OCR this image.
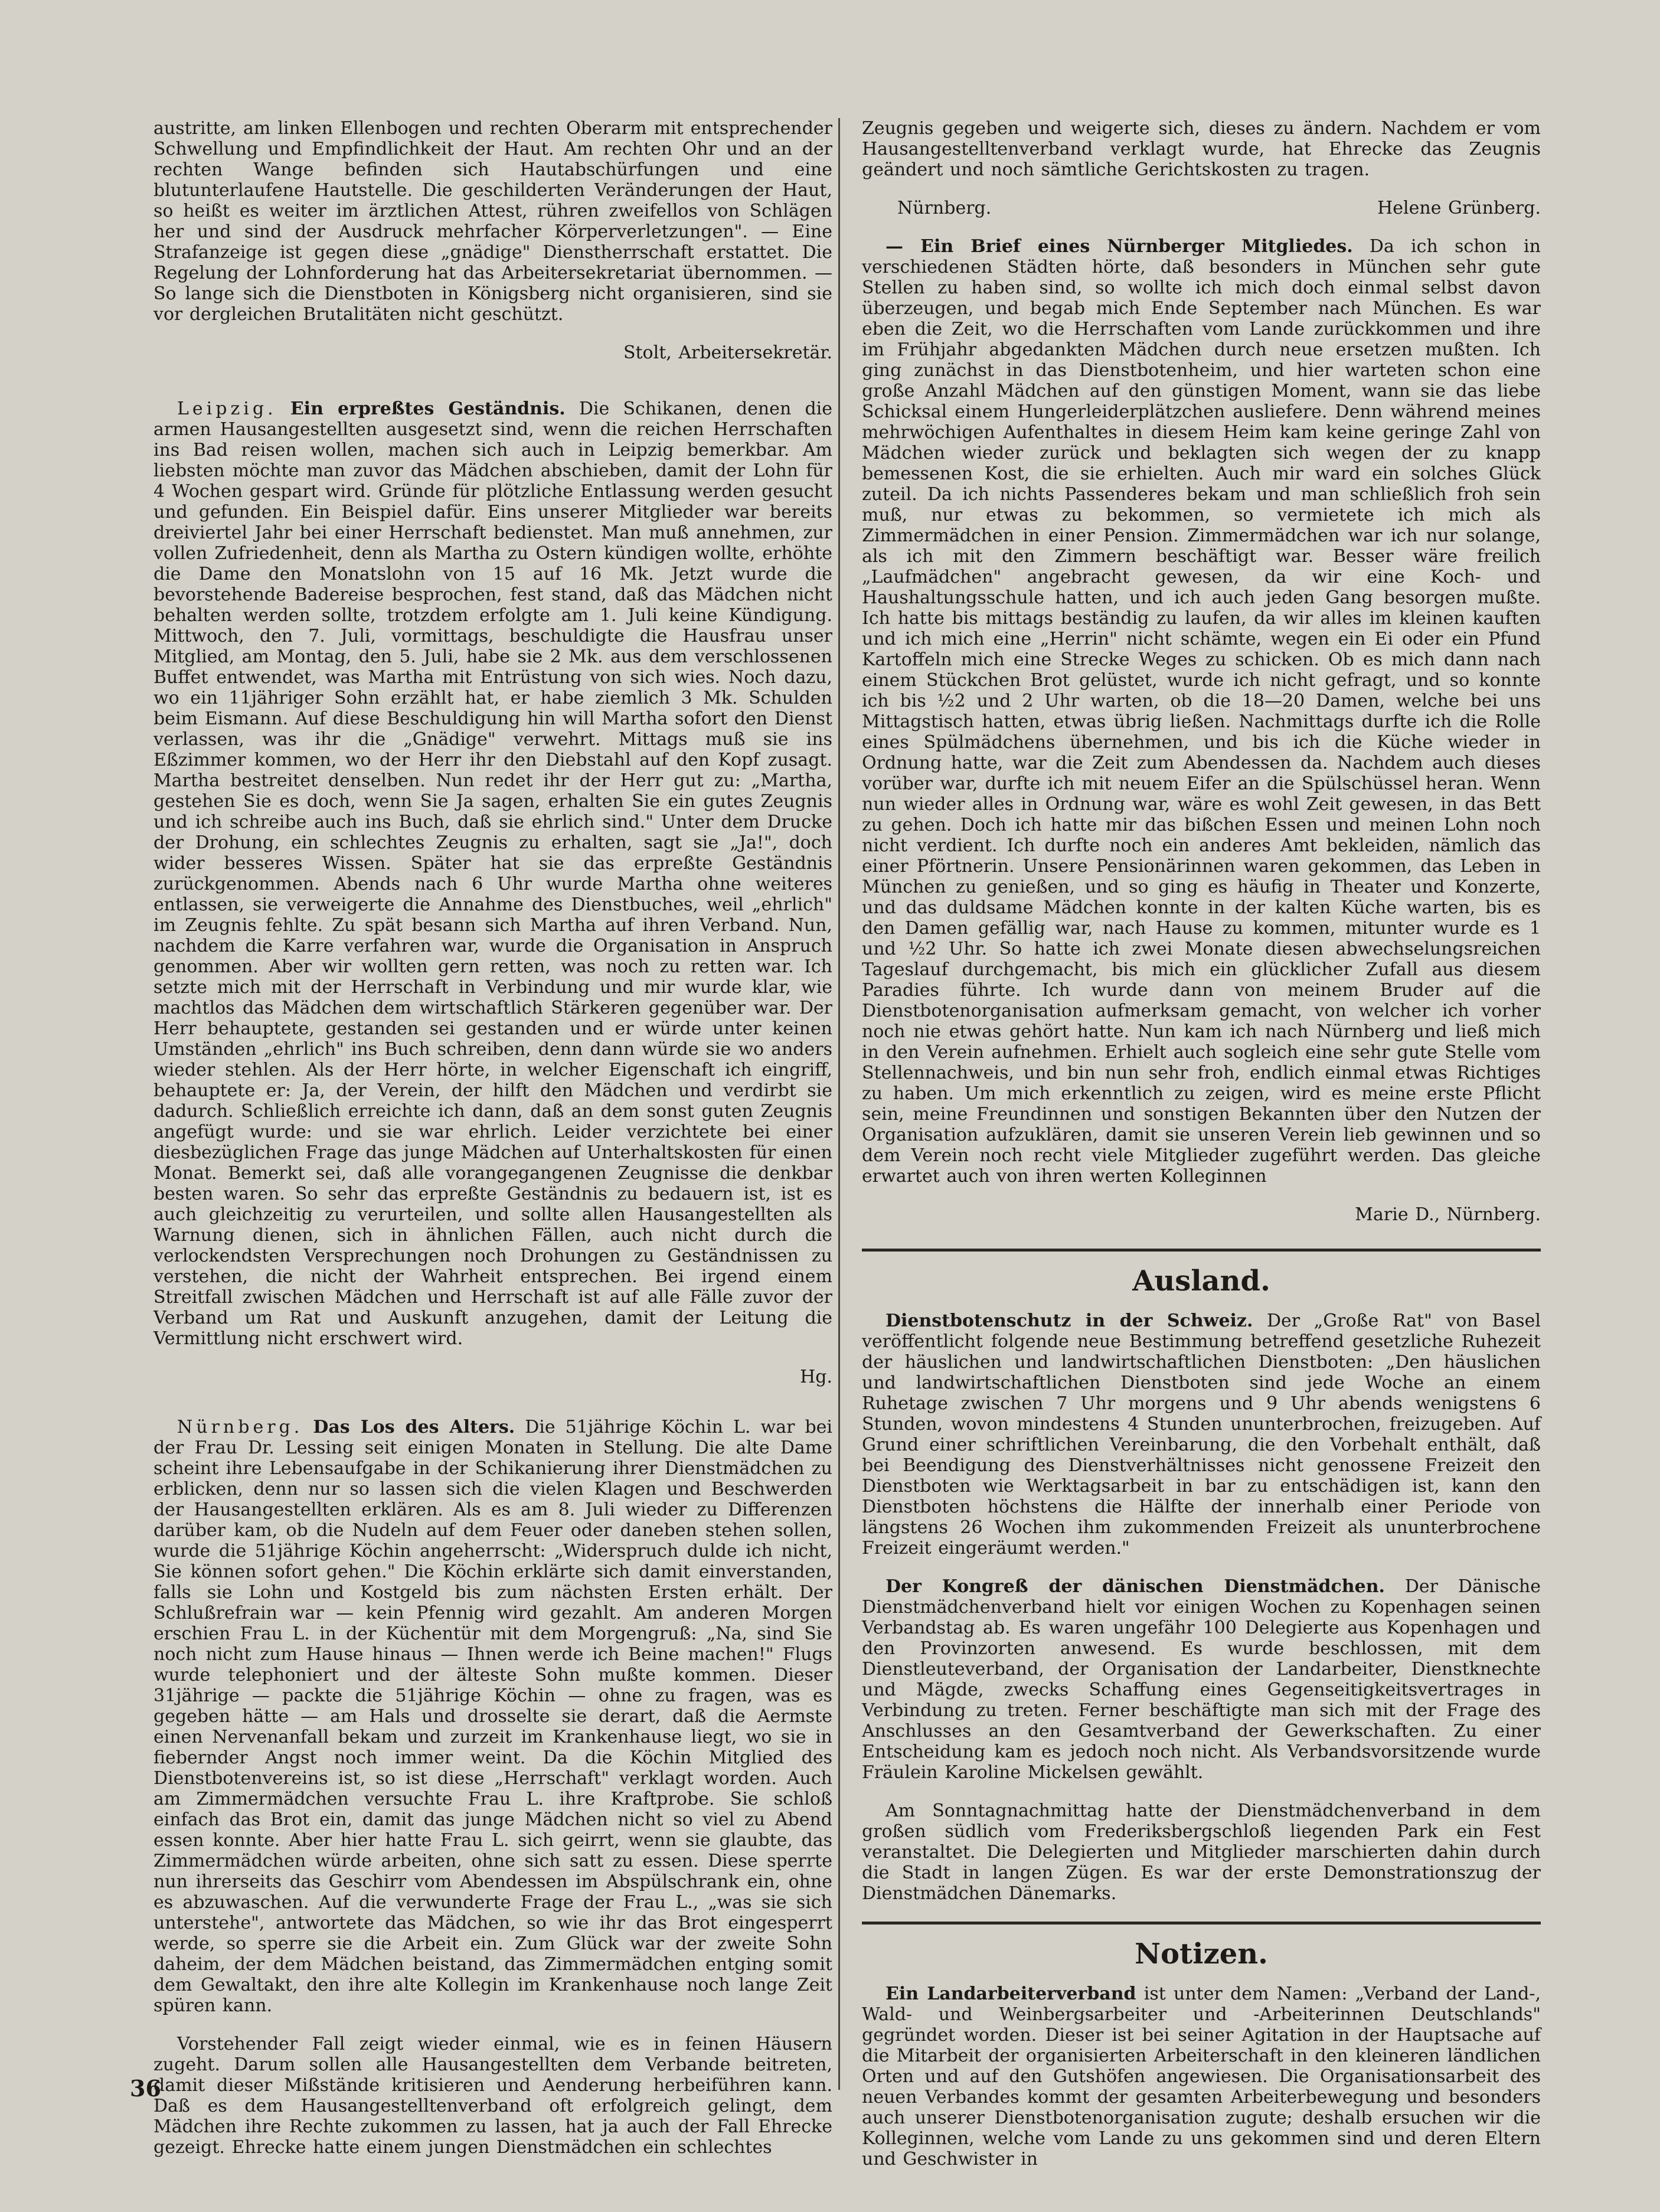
austritte, am linken Ellenbogen und rechten Oberarm mit entsprechender Schwellung und Empfindlichkeit der Haut. Am rechten Ohr und an der rechten Wange befinden sich Hautabschürfungen und eine blutunterlaufene Hautstelle. Die geschilderten Veränderungen der Haut, so heißt es weiter im ärztlichen Attest, rühren zweifellos von Schlägen her und sind der Ausdruck mehrfacher Körperverletzungen". — Eine Strafanzeige ist gegen diese „gnädige" Dienstherrschaft erstattet. Die Regelung der Lohnforderung hat das Arbeitersekretariat übernommen. — So lange sich die Dienstboten in Königsberg nicht organisieren, sind sie vor dergleichen Brutalitäten nicht geschützt.

Stolt, Arbeitersekretär.

Leipzig. Ein erpreßtes Geständnis. Die Schikanen, denen die armen Hausangestellten ausgesetzt sind, wenn die reichen Herrschaften ins Bad reisen wollen, machen sich auch in Leipzig bemerkbar. Am liebsten möchte man zuvor das Mädchen abschieben, damit der Lohn für 4 Wochen gespart wird. Gründe für plötzliche Entlassung werden gesucht und gefunden. Ein Beispiel dafür. Eins unserer Mitglieder war bereits dreiviertel Jahr bei einer Herrschaft bedienstet. Man muß annehmen, zur vollen Zufriedenheit, denn als Martha zu Ostern kündigen wollte, erhöhte die Dame den Monatslohn von 15 auf 16 Mk. Jetzt wurde die bevorstehende Badereise besprochen, fest stand, daß das Mädchen nicht behalten werden sollte, trotzdem erfolgte am 1. Juli keine Kündigung. Mittwoch, den 7. Juli, vormittags, beschuldigte die Hausfrau unser Mitglied, am Montag, den 5. Juli, habe sie 2 Mk. aus dem verschlossenen Buffet entwendet, was Martha mit Entrüstung von sich wies. Noch dazu, wo ein 11jähriger Sohn erzählt hat, er habe ziemlich 3 Mk. Schulden beim Eismann. Auf diese Beschuldigung hin will Martha sofort den Dienst verlassen, was ihr die „Gnädige" verwehrt. Mittags muß sie ins Eßzimmer kommen, wo der Herr ihr den Diebstahl auf den Kopf zusagt. Martha bestreitet denselben. Nun redet ihr der Herr gut zu: „Martha, gestehen Sie es doch, wenn Sie Ja sagen, erhalten Sie ein gutes Zeugnis und ich schreibe auch ins Buch, daß sie ehrlich sind." Unter dem Drucke der Drohung, ein schlechtes Zeugnis zu erhalten, sagt sie „Ja!", doch wider besseres Wissen. Später hat sie das erpreßte Geständnis zurückgenommen. Abends nach 6 Uhr wurde Martha ohne weiteres entlassen, sie verweigerte die Annahme des Dienstbuches, weil „ehrlich" im Zeugnis fehlte. Zu spät besann sich Martha auf ihren Verband. Nun, nachdem die Karre verfahren war, wurde die Organisation in Anspruch genommen. Aber wir wollten gern retten, was noch zu retten war. Ich setzte mich mit der Herrschaft in Verbindung und mir wurde klar, wie machtlos das Mädchen dem wirtschaftlich Stärkeren gegenüber war. Der Herr behauptete, gestanden sei gestanden und er würde unter keinen Umständen „ehrlich" ins Buch schreiben, denn dann würde sie wo anders wieder stehlen. Als der Herr hörte, in welcher Eigenschaft ich eingriff, behauptete er: Ja, der Verein, der hilft den Mädchen und verdirbt sie dadurch. Schließlich erreichte ich dann, daß an dem sonst guten Zeugnis angefügt wurde: und sie war ehrlich. Leider verzichtete bei einer diesbezüglichen Frage das junge Mädchen auf Unterhaltskosten für einen Monat. Bemerkt sei, daß alle vorangegangenen Zeugnisse die denkbar besten waren. So sehr das erpreßte Geständnis zu bedauern ist, ist es auch gleichzeitig zu verurteilen, und sollte allen Hausangestellten als Warnung dienen, sich in ähnlichen Fällen, auch nicht durch die verlockendsten Versprechungen noch Drohungen zu Geständnissen zu verstehen, die nicht der Wahrheit entsprechen. Bei irgend einem Streitfall zwischen Mädchen und Herrschaft ist auf alle Fälle zuvor der Verband um Rat und Auskunft anzugehen, damit der Leitung die Vermittlung nicht erschwert wird.

Hg.

Nürnberg. Das Los des Alters. Die 51jährige Köchin L. war bei der Frau Dr. Lessing seit einigen Monaten in Stellung. Die alte Dame scheint ihre Lebensaufgabe in der Schikanierung ihrer Dienstmädchen zu erblicken, denn nur so lassen sich die vielen Klagen und Beschwerden der Hausangestellten erklären. Als es am 8. Juli wieder zu Differenzen darüber kam, ob die Nudeln auf dem Feuer oder daneben stehen sollen, wurde die 51jährige Köchin angeherrscht: „Widerspruch dulde ich nicht, Sie können sofort gehen." Die Köchin erklärte sich damit einverstanden, falls sie Lohn und Kostgeld bis zum nächsten Ersten erhält. Der Schlußrefrain war — kein Pfennig wird gezahlt. Am anderen Morgen erschien Frau L. in der Küchentür mit dem Morgengruß: „Na, sind Sie noch nicht zum Hause hinaus — Ihnen werde ich Beine machen!" Flugs wurde telephoniert und der älteste Sohn mußte kommen. Dieser 31jährige — packte die 51jährige Köchin — ohne zu fragen, was es gegeben hätte — am Hals und drosselte sie derart, daß die Aermste einen Nervenanfall bekam und zurzeit im Krankenhause liegt, wo sie in fiebernder Angst noch immer weint. Da die Köchin Mitglied des Dienstbotenvereins ist, so ist diese „Herrschaft" verklagt worden. Auch am Zimmermädchen versuchte Frau L. ihre Kraftprobe. Sie schloß einfach das Brot ein, damit das junge Mädchen nicht so viel zu Abend essen konnte. Aber hier hatte Frau L. sich geirrt, wenn sie glaubte, das Zimmermädchen würde arbeiten, ohne sich satt zu essen. Diese sperrte nun ihrerseits das Geschirr vom Abendessen im Abspülschrank ein, ohne es abzuwaschen. Auf die verwunderte Frage der Frau L., „was sie sich unterstehe", antwortete das Mädchen, so wie ihr das Brot eingesperrt werde, so sperre sie die Arbeit ein. Zum Glück war der zweite Sohn daheim, der dem Mädchen beistand, das Zimmermädchen entging somit dem Gewaltakt, den ihre alte Kollegin im Krankenhause noch lange Zeit spüren kann.

Vorstehender Fall zeigt wieder einmal, wie es in feinen Häusern zugeht. Darum sollen alle Hausangestellten dem Verbande beitreten, damit dieser Mißstände kritisieren und Aenderung herbeiführen kann. Daß es dem Hausangestelltenverband oft erfolgreich gelingt, dem Mädchen ihre Rechte zukommen zu lassen, hat ja auch der Fall Ehrecke gezeigt. Ehrecke hatte einem jungen Dienstmädchen ein schlechtes

Zeugnis gegeben und weigerte sich, dieses zu ändern. Nachdem er vom Hausangestelltenverband verklagt wurde, hat Ehrecke das Zeugnis geändert und noch sämtliche Gerichtskosten zu tragen.

Nürnberg.	Helene Grünberg.

— Ein Brief eines Nürnberger Mitgliedes. Da ich schon in verschiedenen Städten hörte, daß besonders in München sehr gute Stellen zu haben sind, so wollte ich mich doch einmal selbst davon überzeugen, und begab mich Ende September nach München. Es war eben die Zeit, wo die Herrschaften vom Lande zurückkommen und ihre im Frühjahr abgedankten Mädchen durch neue ersetzen mußten. Ich ging zunächst in das Dienstbotenheim, und hier warteten schon eine große Anzahl Mädchen auf den günstigen Moment, wann sie das liebe Schicksal einem Hungerleiderplätzchen ausliefere. Denn während meines mehrwöchigen Aufenthaltes in diesem Heim kam keine geringe Zahl von Mädchen wieder zurück und beklagten sich wegen der zu knapp bemessenen Kost, die sie erhielten. Auch mir ward ein solches Glück zuteil. Da ich nichts Passenderes bekam und man schließlich froh sein muß, nur etwas zu bekommen, so vermietete ich mich als Zimmermädchen in einer Pension. Zimmermädchen war ich nur solange, als ich mit den Zimmern beschäftigt war. Besser wäre freilich „Laufmädchen" angebracht gewesen, da wir eine Koch- und Haushaltungsschule hatten, und ich auch jeden Gang besorgen mußte. Ich hatte bis mittags beständig zu laufen, da wir alles im kleinen kauften und ich mich eine „Herrin" nicht schämte, wegen ein Ei oder ein Pfund Kartoffeln mich eine Strecke Weges zu schicken. Ob es mich dann nach einem Stückchen Brot gelüstet, wurde ich nicht gefragt, und so konnte ich bis ½2 und 2 Uhr warten, ob die 18—20 Damen, welche bei uns Mittagstisch hatten, etwas übrig ließen. Nachmittags durfte ich die Rolle eines Spülmädchens übernehmen, und bis ich die Küche wieder in Ordnung hatte, war die Zeit zum Abendessen da. Nachdem auch dieses vorüber war, durfte ich mit neuem Eifer an die Spülschüssel heran. Wenn nun wieder alles in Ordnung war, wäre es wohl Zeit gewesen, in das Bett zu gehen. Doch ich hatte mir das bißchen Essen und meinen Lohn noch nicht verdient. Ich durfte noch ein anderes Amt bekleiden, nämlich das einer Pförtnerin. Unsere Pensionärinnen waren gekommen, das Leben in München zu genießen, und so ging es häufig in Theater und Konzerte, und das duldsame Mädchen konnte in der kalten Küche warten, bis es den Damen gefällig war, nach Hause zu kommen, mitunter wurde es 1 und ½2 Uhr. So hatte ich zwei Monate diesen abwechselungsreichen Tageslauf durchgemacht, bis mich ein glücklicher Zufall aus diesem Paradies führte. Ich wurde dann von meinem Bruder auf die Dienstbotenorganisation aufmerksam gemacht, von welcher ich vorher noch nie etwas gehört hatte. Nun kam ich nach Nürnberg und ließ mich in den Verein aufnehmen. Erhielt auch sogleich eine sehr gute Stelle vom Stellennachweis, und bin nun sehr froh, endlich einmal etwas Richtiges zu haben. Um mich erkenntlich zu zeigen, wird es meine erste Pflicht sein, meine Freundinnen und sonstigen Bekannten über den Nutzen der Organisation aufzuklären, damit sie unseren Verein lieb gewinnen und so dem Verein noch recht viele Mitglieder zugeführt werden. Das gleiche erwartet auch von ihren werten Kolleginnen

Marie D., Nürnberg.
Ausland.

Dienstbotenschutz in der Schweiz. Der „Große Rat" von Basel veröffentlicht folgende neue Bestimmung betreffend gesetzliche Ruhezeit der häuslichen und landwirtschaftlichen Dienstboten: „Den häuslichen und landwirtschaftlichen Dienstboten sind jede Woche an einem Ruhetage zwischen 7 Uhr morgens und 9 Uhr abends wenigstens 6 Stunden, wovon mindestens 4 Stunden ununterbrochen, freizugeben. Auf Grund einer schriftlichen Vereinbarung, die den Vorbehalt enthält, daß bei Beendigung des Dienstverhältnisses nicht genossene Freizeit den Dienstboten wie Werktagsarbeit in bar zu entschädigen ist, kann den Dienstboten höchstens die Hälfte der innerhalb einer Periode von längstens 26 Wochen ihm zukommenden Freizeit als ununterbrochene Freizeit eingeräumt werden."

Der Kongreß der dänischen Dienstmädchen. Der Dänische Dienstmädchenverband hielt vor einigen Wochen zu Kopenhagen seinen Verbandstag ab. Es waren ungefähr 100 Delegierte aus Kopenhagen und den Provinzorten anwesend. Es wurde beschlossen, mit dem Dienstleuteverband, der Organisation der Landarbeiter, Dienstknechte und Mägde, zwecks Schaffung eines Gegenseitigkeitsvertrages in Verbindung zu treten. Ferner beschäftigte man sich mit der Frage des Anschlusses an den Gesamtverband der Gewerkschaften. Zu einer Entscheidung kam es jedoch noch nicht. Als Verbandsvorsitzende wurde Fräulein Karoline Mickelsen gewählt.

Am Sonntagnachmittag hatte der Dienstmädchenverband in dem großen südlich vom Frederiksbergschloß liegenden Park ein Fest veranstaltet. Die Delegierten und Mitglieder marschierten dahin durch die Stadt in langen Zügen. Es war der erste Demonstrationszug der Dienstmädchen Dänemarks.

Notizen.

Ein Landarbeiterverband ist unter dem Namen: „Verband der Land-, Wald- und Weinbergsarbeiter und -Arbeiterinnen Deutschlands" gegründet worden. Dieser ist bei seiner Agitation in der Hauptsache auf die Mitarbeit der organisierten Arbeiterschaft in den kleineren ländlichen Orten und auf den Gutshöfen angewiesen. Die Organisationsarbeit des neuen Verbandes kommt der gesamten Arbeiterbewegung und besonders auch unserer Dienstbotenorganisation zugute; deshalb ersuchen wir die Kolleginnen, welche vom Lande zu uns gekommen sind und deren Eltern und Geschwister in

36
